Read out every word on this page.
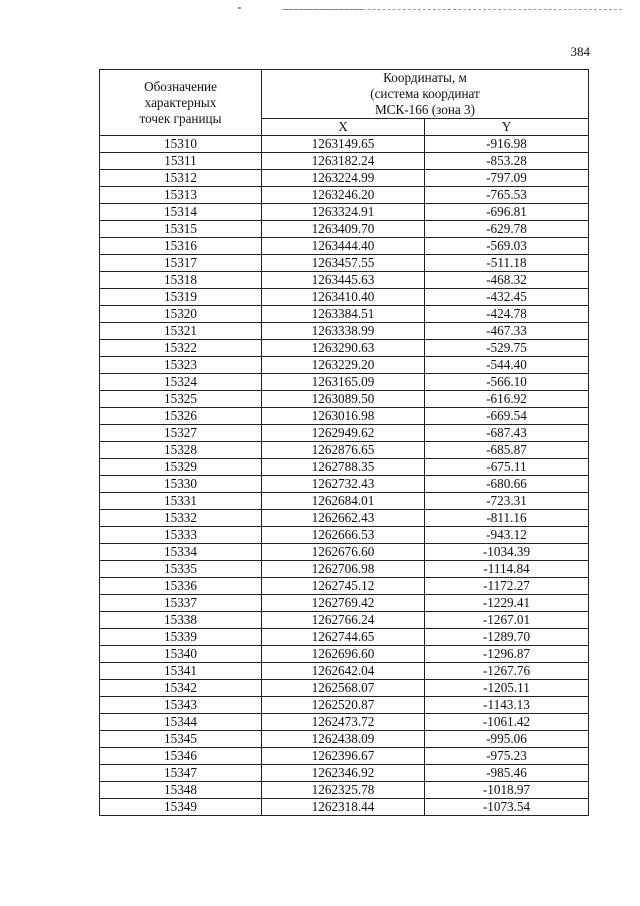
384
Обозначение
характерных
точек границы	Координаты, м
(система координат
МСК-166 (зона 3)	

	X	Y
15310	1263149.65	-916.98
15311	1263182.24	-853.28
15312	1263224.99	-797.09
15313	1263246.20	-765.53
15314	1263324.91	-696.81
15315	1263409.70	-629.78
15316	1263444.40	-569.03
15317	1263457.55	-511.18
15318	1263445.63	-468.32
15319	1263410.40	-432.45
15320	1263384.51	-424.78
15321	1263338.99	-467.33
15322	1263290.63	-529.75
15323	1263229.20	-544.40
15324	1263165.09	-566.10
15325	1263089.50	-616.92
15326	1263016.98	-669.54
15327	1262949.62	-687.43
15328	1262876.65	-685.87
15329	1262788.35	-675.11
15330	1262732.43	-680.66
15331	1262684.01	-723.31
15332	1262662.43	-811.16
15333	1262666.53	-943.12
15334	1262676.60	-1034.39
15335	1262706.98	-1114.84
15336	1262745.12	-1172.27
15337	1262769.42	-1229.41
15338	1262766.24	-1267.01
15339	1262744.65	-1289.70
15340	1262696.60	-1296.87
15341	1262642.04	-1267.76
15342	1262568.07	-1205.11
15343	1262520.87	-1143.13
15344	1262473.72	-1061.42
15345	1262438.09	-995.06
15346	1262396.67	-975.23
15347	1262346.92	-985.46
15348	1262325.78	-1018.97
15349	1262318.44	-1073.54
